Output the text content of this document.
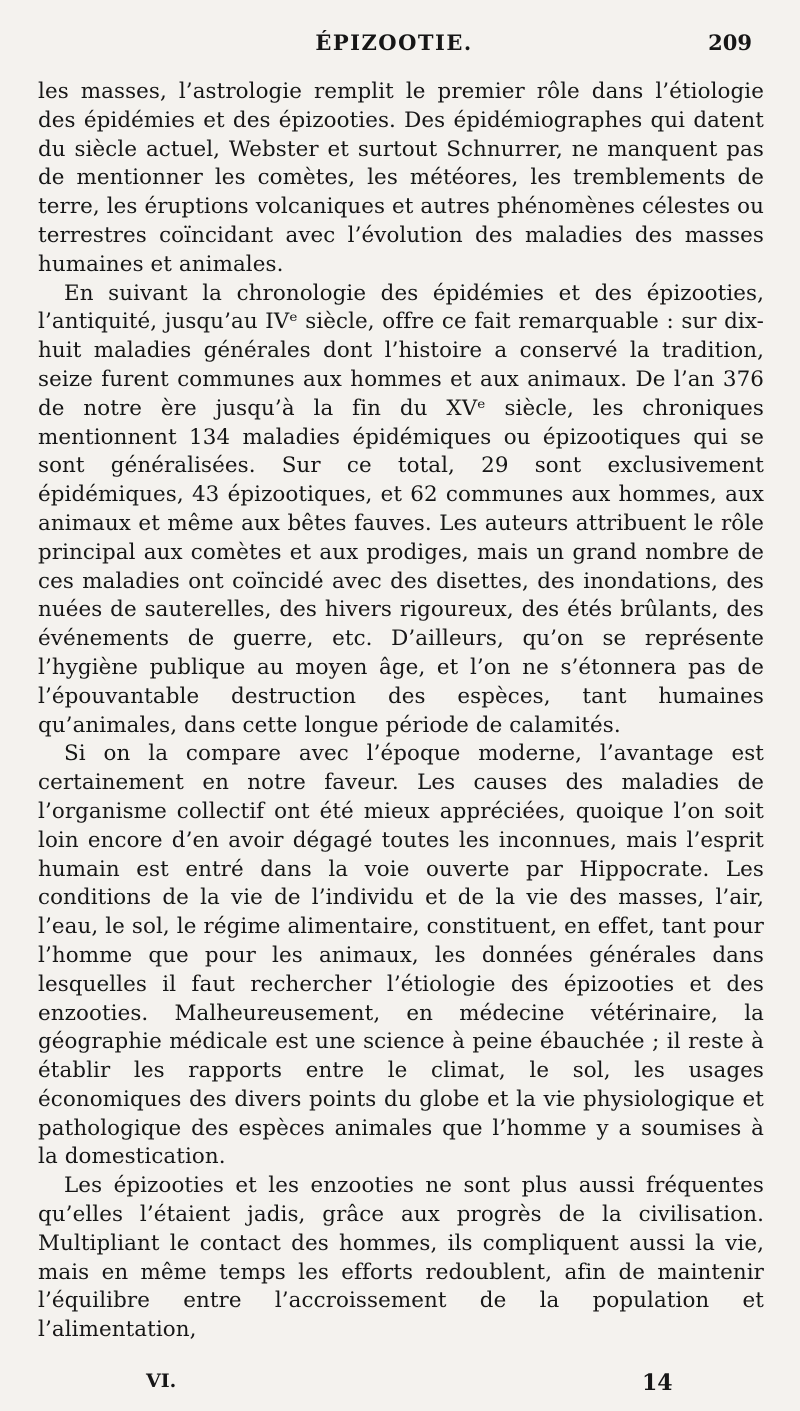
ÉPIZOOTIE.	209

les masses, l’astrologie remplit le premier rôle dans l’étiologie des épidémies et des épizooties. Des épidémiographes qui datent du siècle actuel, Webster et surtout Schnurrer, ne manquent pas de mentionner les comètes, les météores, les tremblements de terre, les éruptions volcaniques et autres phénomènes célestes ou terrestres coïncidant avec l’évolution des maladies des masses humaines et animales.

En suivant la chronologie des épidémies et des épizooties, l’antiquité, jusqu’au IVᵉ siècle, offre ce fait remarquable : sur dix-huit maladies générales dont l’histoire a conservé la tradition, seize furent communes aux hommes et aux animaux. De l’an 376 de notre ère jusqu’à la fin du XVᵉ siècle, les chroniques mentionnent 134 maladies épidémiques ou épizootiques qui se sont généralisées. Sur ce total, 29 sont exclusivement épidémiques, 43 épizootiques, et 62 communes aux hommes, aux animaux et même aux bêtes fauves. Les auteurs attribuent le rôle principal aux comètes et aux prodiges, mais un grand nombre de ces maladies ont coïncidé avec des disettes, des inondations, des nuées de sauterelles, des hivers rigoureux, des étés brûlants, des événements de guerre, etc. D’ailleurs, qu’on se représente l’hygiène publique au moyen âge, et l’on ne s’étonnera pas de l’épouvantable destruction des espèces, tant humaines qu’animales, dans cette longue période de calamités.

Si on la compare avec l’époque moderne, l’avantage est certainement en notre faveur. Les causes des maladies de l’organisme collectif ont été mieux appréciées, quoique l’on soit loin encore d’en avoir dégagé toutes les inconnues, mais l’esprit humain est entré dans la voie ouverte par Hippocrate. Les conditions de la vie de l’individu et de la vie des masses, l’air, l’eau, le sol, le régime alimentaire, constituent, en effet, tant pour l’homme que pour les animaux, les données générales dans lesquelles il faut rechercher l’étiologie des épizooties et des enzooties. Malheureusement, en médecine vétérinaire, la géographie médicale est une science à peine ébauchée ; il reste à établir les rapports entre le climat, le sol, les usages économiques des divers points du globe et la vie physiologique et pathologique des espèces animales que l’homme y a soumises à la domestication.

Les épizooties et les enzooties ne sont plus aussi fréquentes qu’elles l’étaient jadis, grâce aux progrès de la civilisation. Multipliant le contact des hommes, ils compliquent aussi la vie, mais en même temps les efforts redoublent, afin de maintenir l’équilibre entre l’accroissement de la population et l’alimentation,

VI.	14
